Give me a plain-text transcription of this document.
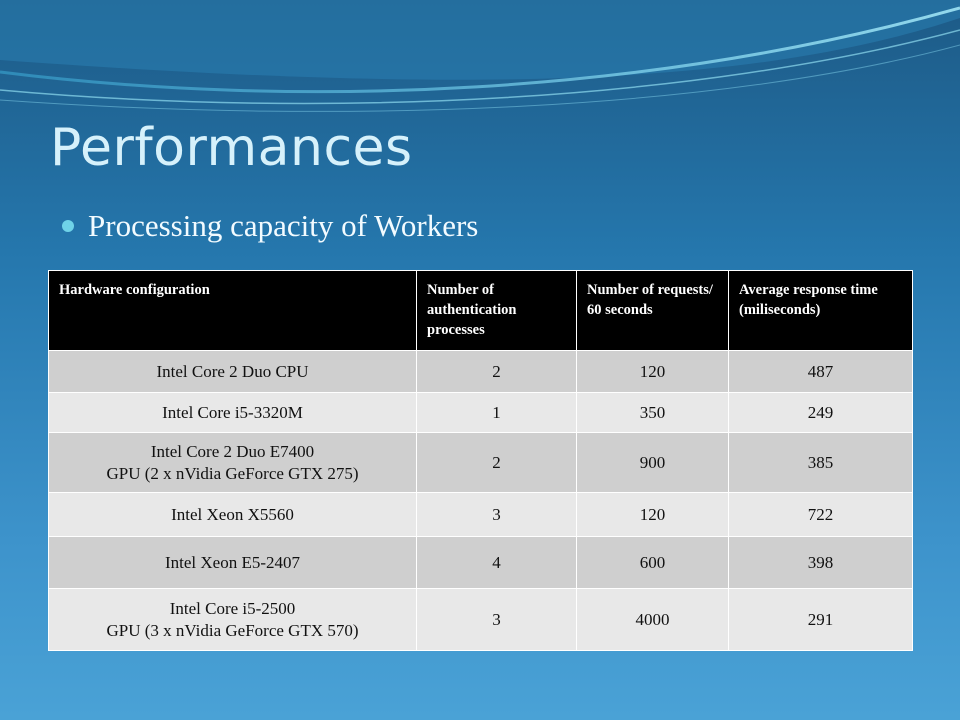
Performances
Processing capacity of Workers
Hardware configuration	Number of authentication processes	Number of requests/ 60 seconds	Average response time (miliseconds)

Intel Core 2 Duo CPU	2	120	487

Intel Core i5-3320M	1	350	249

Intel Core 2 Duo E7400
GPU (2 x nVidia GeForce GTX 275)	2	900	385

Intel Xeon X5560	3	120	722

Intel Xeon E5-2407	4	600	398

Intel Core i5-2500
GPU (3 x nVidia GeForce GTX 570)	3	4000	291
